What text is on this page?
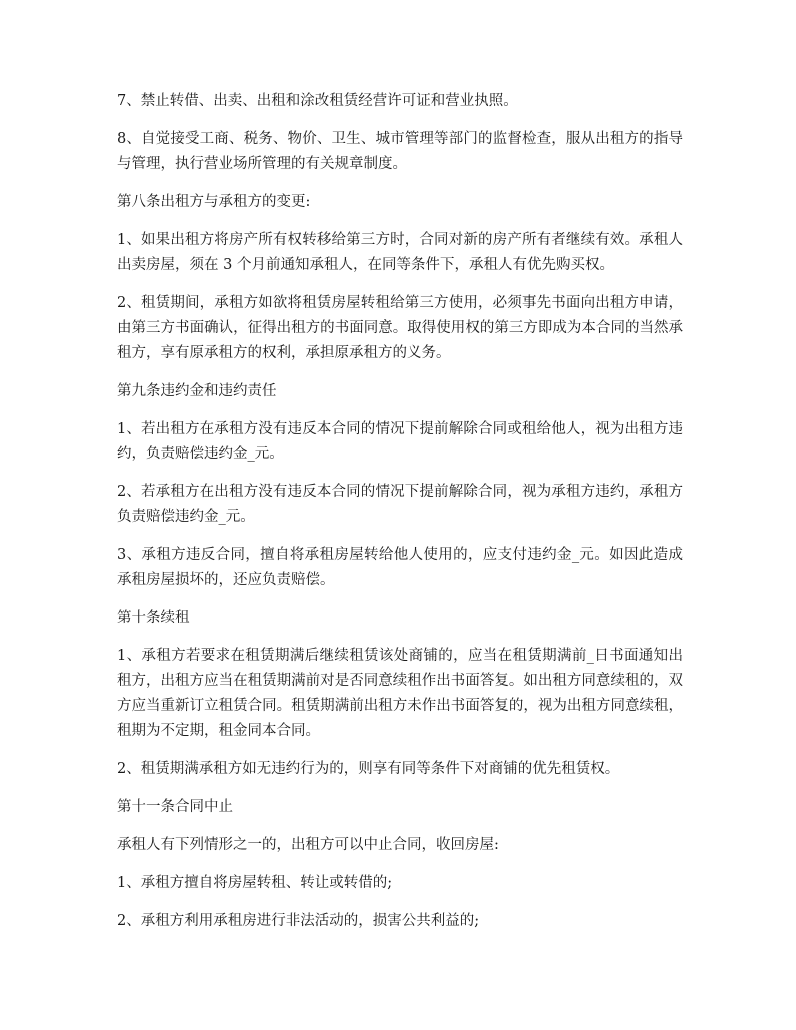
7、禁止转借、出卖、出租和涂改租赁经营许可证和营业执照。

8、自觉接受工商、税务、物价、卫生、城市管理等部门的监督检查，服从出租方的指导与管理，执行营业场所管理的有关规章制度。

第八条出租方与承租方的变更:

1、如果出租方将房产所有权转移给第三方时，合同对新的房产所有者继续有效。承租人出卖房屋，须在 3 个月前通知承租人，在同等条件下，承租人有优先购买权。

2、租赁期间，承租方如欲将租赁房屋转租给第三方使用，必须事先书面向出租方申请，由第三方书面确认，征得出租方的书面同意。取得使用权的第三方即成为本合同的当然承租方，享有原承租方的权利，承担原承租方的义务。

第九条违约金和违约责任

1、若出租方在承租方没有违反本合同的情况下提前解除合同或租给他人，视为出租方违约，负责赔偿违约金_元。

2、若承租方在出租方没有违反本合同的情况下提前解除合同，视为承租方违约，承租方负责赔偿违约金_元。

3、承租方违反合同，擅自将承租房屋转给他人使用的，应支付违约金_元。如因此造成承租房屋损坏的，还应负责赔偿。

第十条续租

1、承租方若要求在租赁期满后继续租赁该处商铺的，应当在租赁期满前_日书面通知出租方，出租方应当在租赁期满前对是否同意续租作出书面答复。如出租方同意续租的，双方应当重新订立租赁合同。租赁期满前出租方未作出书面答复的，视为出租方同意续租，租期为不定期，租金同本合同。

2、租赁期满承租方如无违约行为的，则享有同等条件下对商铺的优先租赁权。

第十一条合同中止

承租人有下列情形之一的，出租方可以中止合同，收回房屋:

1、承租方擅自将房屋转租、转让或转借的;

2、承租方利用承租房进行非法活动的，损害公共利益的;
